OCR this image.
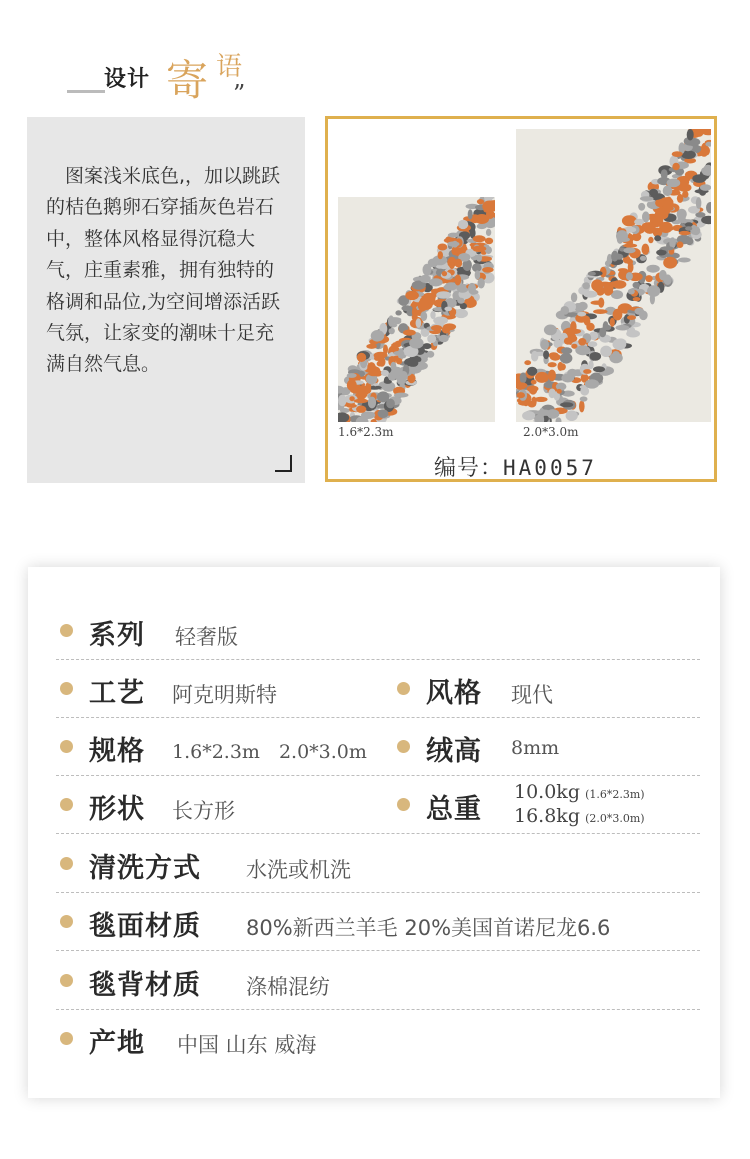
设计 寄 语
”
图案浅米底色,，加以跳跃的桔色鹅卵石穿插灰色岩石中，整体风格显得沉稳大气，庄重素雅，拥有独特的格调和品位,为空间增添活跃气氛，让家变的潮味十足充满自然气息。
1.6*2.3m	2.0*3.0m
编号：HA0057
系列 轻奢版
工艺 阿克明斯特	风格 现代
规格 1.6*2.3m　2.0*3.0m 绒高 8mm
形状 长方形	总重
10.0kg (1.6*2.3m)
16.8kg (2.0*3.0m)
清洗方式 水洗或机洗
毯面材质 80%新西兰羊毛 20%美国首诺尼龙6.6
毯背材质 涤棉混纺
产地 中国 山东 威海
